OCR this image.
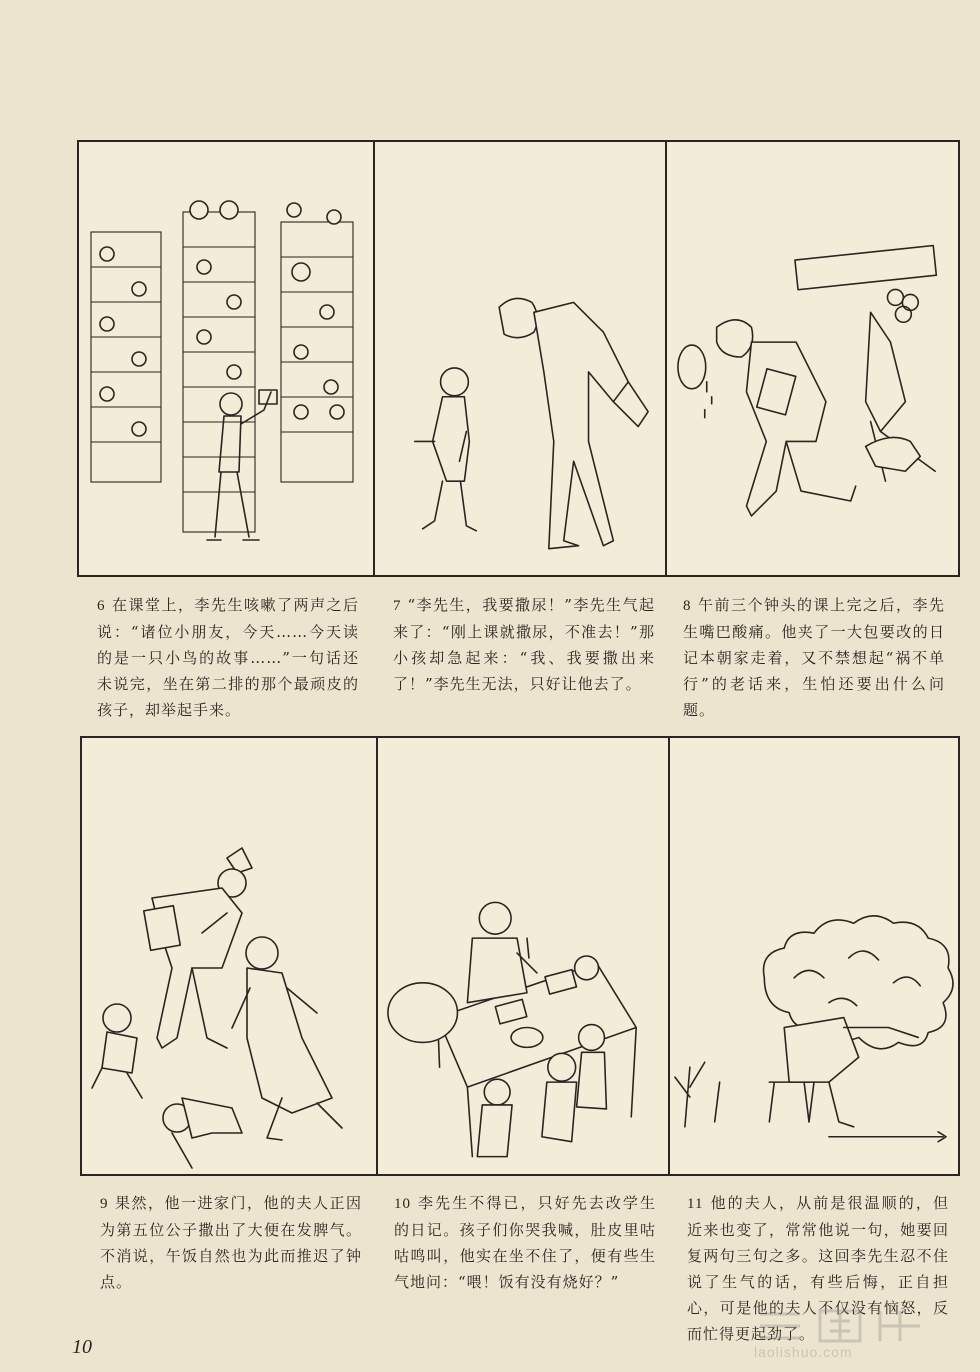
6 在课堂上，李先生咳嗽了两声之后说：“诸位小朋友，今天……今天读的是一只小鸟的故事……”一句话还未说完，坐在第二排的那个最顽皮的孩子，却举起手来。
7 “李先生，我要撒尿！”李先生气起来了：“刚上课就撒尿，不准去！”那小孩却急起来：“我、我要撒出来了！”李先生无法，只好让他去了。
8 午前三个钟头的课上完之后，李先生嘴巴酸痛。他夹了一大包要改的日记本朝家走着，又不禁想起“祸不单行”的老话来，生怕还要出什么问题。
9 果然，他一进家门，他的夫人正因为第五位公子撒出了大便在发脾气。不消说，午饭自然也为此而推迟了钟点。
10 李先生不得已，只好先去改学生的日记。孩子们你哭我喊，肚皮里咕咕鸣叫，他实在坐不住了，便有些生气地问：“喂！饭有没有烧好？”
11 他的夫人，从前是很温顺的，但近来也变了，常常他说一句，她要回复两句三句之多。这回李先生忍不住说了生气的话，有些后悔，正自担心，可是他的夫人不仅没有恼怒，反而忙得更起劲了。
10	laolishuo.com
